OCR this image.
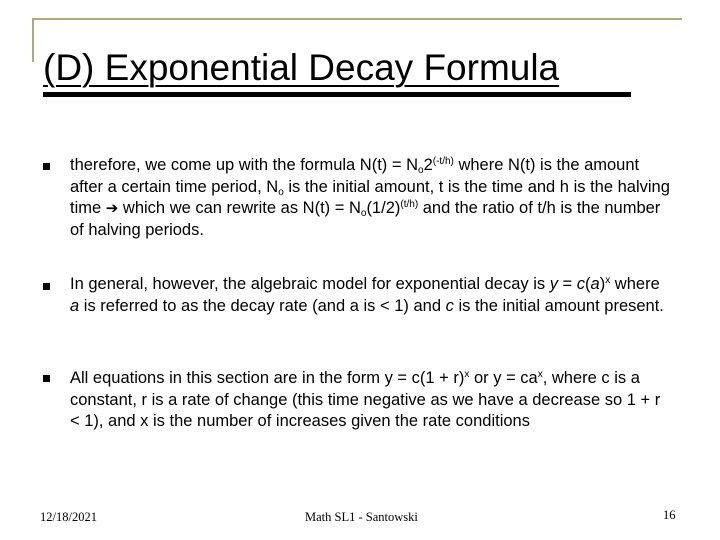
(D) Exponential Decay Formula
therefore, we come up with the formula $N(t) = N_o2^{(-t/h)}$ where N(t) is the amount after a certain time period, $N_o$ is the initial amount, t is the time and h is the halving time ➔ which we can rewrite as $N(t) = N_o(1/2)^{(t/h)}$ and the ratio of t/h is the number of halving periods.
In general, however, the algebraic model for exponential decay is $y = c(a)^x$ where a is referred to as the decay rate (and a is < 1) and c is the initial amount present.
All equations in this section are in the form $y = c(1 + r)^x$ or $y = ca^x$, where c is a constant, r is a rate of change (this time negative as we have a decrease so 1 + r < 1), and x is the number of increases given the rate conditions
12/18/2021	Math SL1 - Santowski	16
